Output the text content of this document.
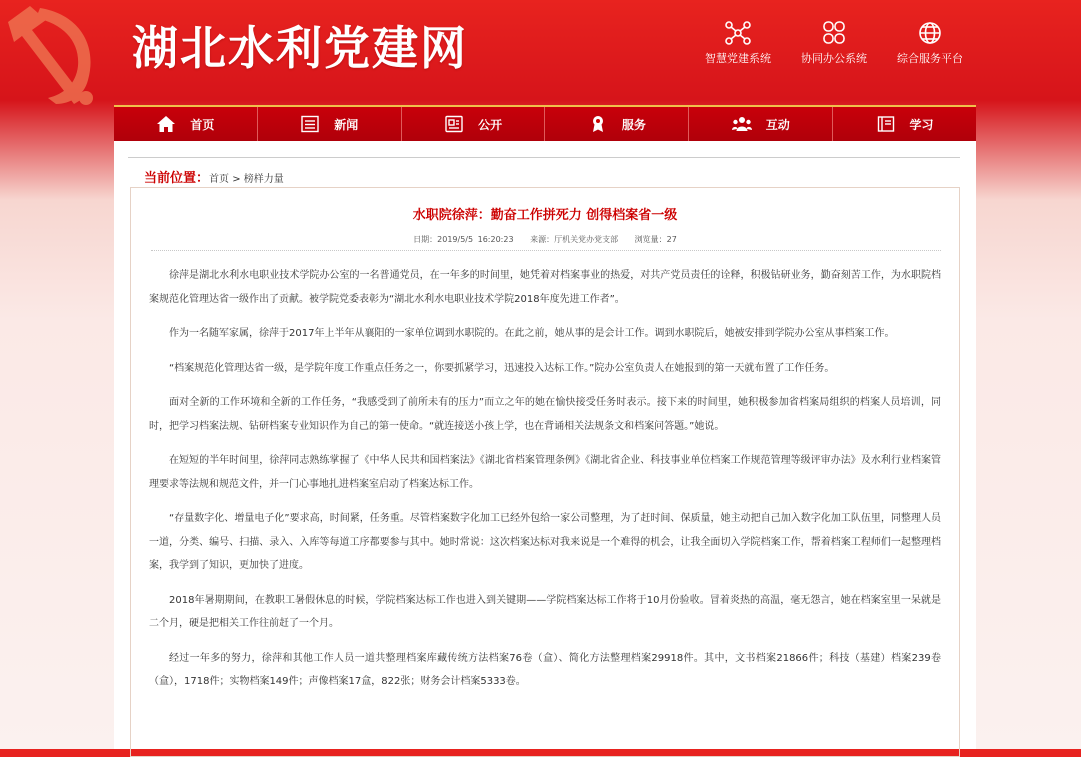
湖北水利党建网	智慧党建系统	协同办公系统	综合服务平台
首页	新闻	公开	服务	互动	学习
当前位置：首页 > 榜样力量
水职院徐萍：勤奋工作拼死力 创得档案省一级
日期：2019/5/5 16:20:23 来源：厅机关党办党支部 浏览量：27

徐萍是湖北水利水电职业技术学院办公室的一名普通党员，在一年多的时间里，她凭着对档案事业的热爱，对共产党员责任的诠释，积极钻研业务，勤奋刻苦工作，为水职院档案规范化管理达省一级作出了贡献。被学院党委表彰为“湖北水利水电职业技术学院2018年度先进工作者”。

作为一名随军家属，徐萍于2017年上半年从襄阳的一家单位调到水职院的。在此之前，她从事的是会计工作。调到水职院后，她被安排到学院办公室从事档案工作。

“档案规范化管理达省一级，是学院年度工作重点任务之一，你要抓紧学习，迅速投入达标工作。”院办公室负责人在她报到的第一天就布置了工作任务。

面对全新的工作环境和全新的工作任务，“我感受到了前所未有的压力”而立之年的她在愉快接受任务时表示。接下来的时间里，她积极参加省档案局组织的档案人员培训，同时，把学习档案法规、钻研档案专业知识作为自己的第一使命。“就连接送小孩上学，也在背诵相关法规条文和档案问答题。”她说。

在短短的半年时间里，徐萍同志熟练掌握了《中华人民共和国档案法》《湖北省档案管理条例》《湖北省企业、科技事业单位档案工作规范管理等级评审办法》及水利行业档案管理要求等法规和规范文件，并一门心事地扎进档案室启动了档案达标工作。

“存量数字化、增量电子化”要求高，时间紧，任务重。尽管档案数字化加工已经外包给一家公司整理，为了赶时间、保质量，她主动把自己加入数字化加工队伍里，同整理人员一道，分类、编号、扫描、录入、入库等每道工序都要参与其中。她时常说：这次档案达标对我来说是一个难得的机会，让我全面切入学院档案工作，帮着档案工程师们一起整理档案，我学到了知识，更加快了进度。

2018年暑期期间，在教职工暑假休息的时候，学院档案达标工作也进入到关键期——学院档案达标工作将于10月份验收。冒着炎热的高温，毫无怨言，她在档案室里一呆就是二个月，硬是把相关工作往前赶了一个月。

经过一年多的努力，徐萍和其他工作人员一道共整理档案库藏传统方法档案76卷（盒）、简化方法整理档案29918件。其中，文书档案21866件；科技（基建）档案239卷（盒），1718件；实物档案149件；声像档案17盒，822张；财务会计档案5333卷。
